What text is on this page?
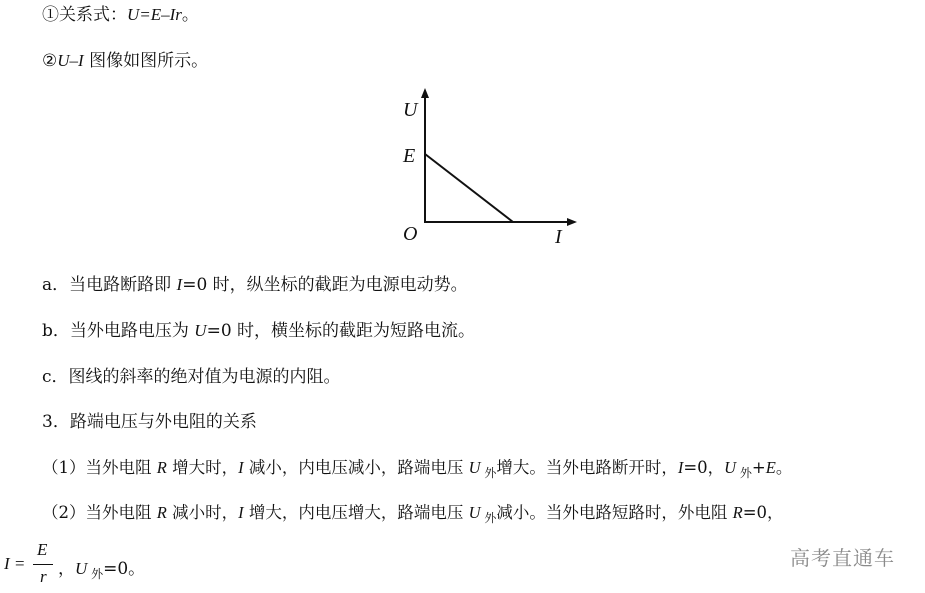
①关系式：U=E–Ir。
②U–I 图像如图所示。
U
E
O	I
a．当电路断路即 I=0 时，纵坐标的截距为电源电动势。
b．当外电路电压为 U=0 时，横坐标的截距为短路电流。
c．图线的斜率的绝对值为电源的内阻。
3．路端电压与外电阻的关系
（1）当外电阻 R 增大时，I 减小，内电压减小，路端电压 U $_外$增大。当外电路断开时，I=0，U $_外$+E。
（2）当外电阻 R 减小时，I 增大，内电压增大，路端电压 U $_外$减小。当外电路短路时，外电阻 R=0，
I =
E
r ，U $_外$=0。	高考直通车
